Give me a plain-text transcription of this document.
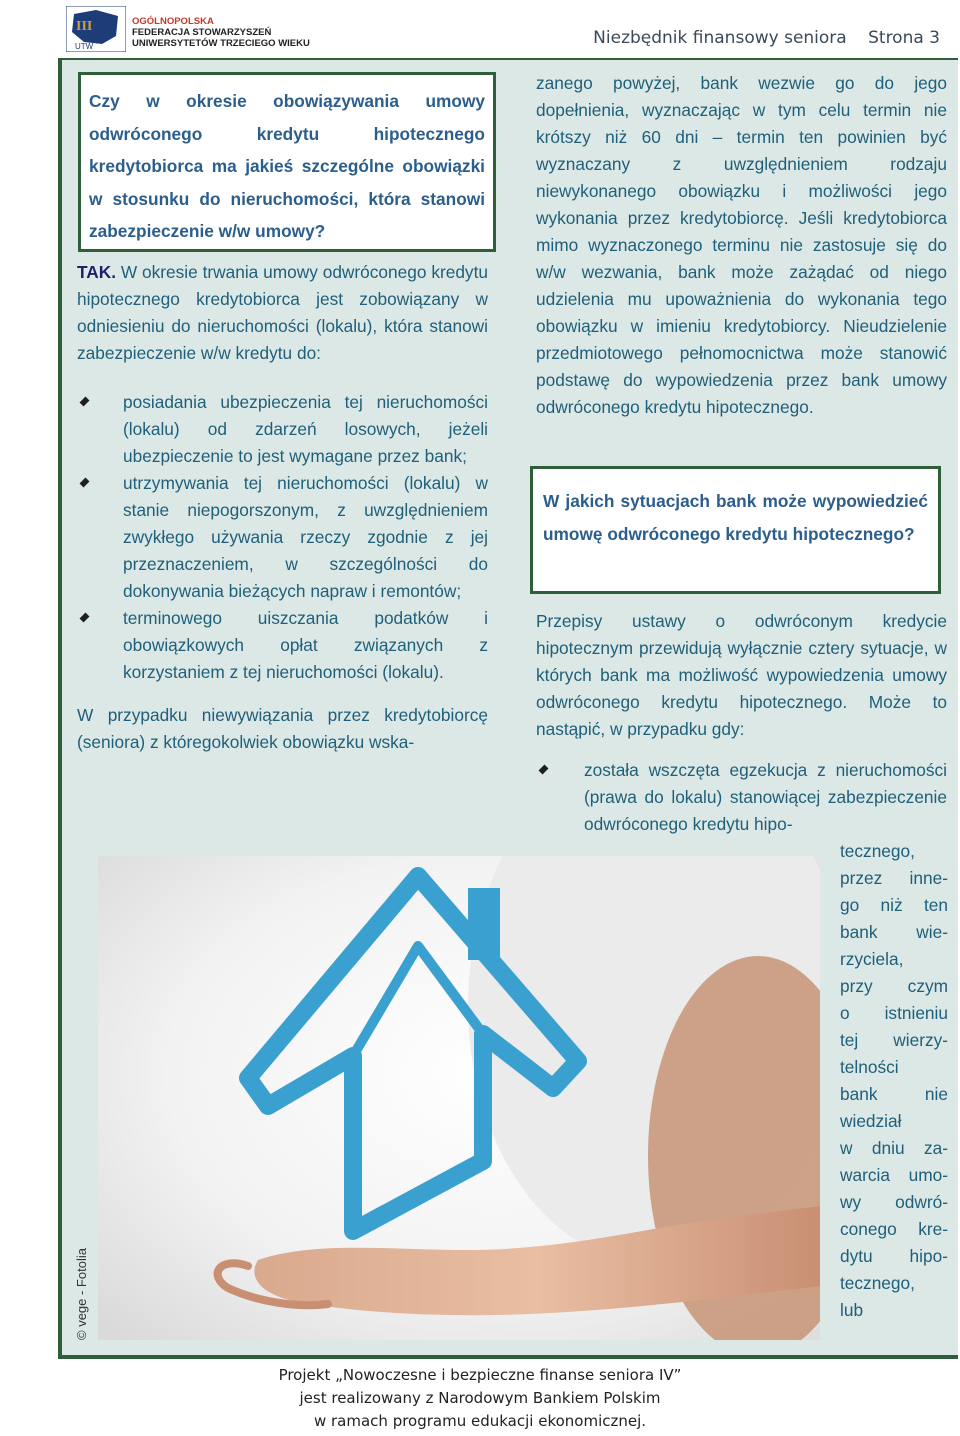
III
UTW
OGÓLNOPOLSKA
FEDERACJA STOWARZYSZEŃ
UNIWERSYTETÓW TRZECIEGO WIEKU	Niezbędnik finansowy seniora Strona 3
Czy w okresie obowiązywania umowy odwróconego kredytu hipotecznego kredytobiorca ma jakieś szczególne obowiązki w stosunku do nieruchomości, która stanowi zabezpieczenie w/w umowy?

TAK. W okresie trwania umowy odwróconego kredytu hipotecznego kredytobiorca jest zobowiązany w odniesieniu do nieruchomości (lokalu), która stanowi zabezpieczenie w/w kredytu do:

posiadania ubezpieczenia tej nieruchomości (lokalu) od zdarzeń losowych, jeżeli ubezpieczenie to jest wymagane przez bank;
utrzymywania tej nieruchomości (lokalu) w stanie niepogorszonym, z uwzględnieniem zwykłego używania rzeczy zgodnie z jej przeznaczeniem, w szczególności do dokonywania bieżących napraw i remontów;
terminowego uiszczania podatków i obowiązkowych opłat związanych z korzystaniem z tej nieruchomości (lokalu).

W przypadku niewywiązania przez kredytobiorcę (seniora) z któregokolwiek obowiązku wska-

zanego powyżej, bank wezwie go do jego dopełnienia, wyznaczając w tym celu termin nie krótszy niż 60 dni – termin ten powinien być wyznaczany z uwzględnieniem rodzaju niewykonanego obowiązku i możliwości jego wykonania przez kredytobiorcę. Jeśli kredytobiorca mimo wyznaczonego terminu nie zastosuje się do w/w wezwania, bank może zażądać od niego udzielenia mu upoważnienia do wykonania tego obowiązku w imieniu kredytobiorcy. Nieudzielenie przedmiotowego pełnomocnictwa może stanowić podstawę do wypowiedzenia przez bank umowy odwróconego kredytu hipotecznego.

W jakich sytuacjach bank może wypowiedzieć umowę odwróconego kredytu hipotecznego?

Przepisy ustawy o odwróconym kredycie hipotecznym przewidują wyłącznie cztery sytuacje, w których bank ma możliwość wypowiedzenia umowy odwróconego kredytu hipotecznego. Może to nastąpić, w przypadku gdy:

została wszczęta egzekucja z nieruchomości (prawa do lokalu) stanowiącej zabezpieczenie odwróconego kredytu hipo-
© vege - Fotolia
tecznego,
przez inne-
go niż ten
bank wie-
rzyciela,
przy czym
o istnieniu
tej wierzy-
telności
bank nie
wiedział
w dniu za-
warcia umo-
wy odwró-
conego kre-
dytu hipo-
tecznego,
lub
Projekt „Nowoczesne i bezpieczne finanse seniora IV”
jest realizowany z Narodowym Bankiem Polskim
w ramach programu edukacji ekonomicznej.
